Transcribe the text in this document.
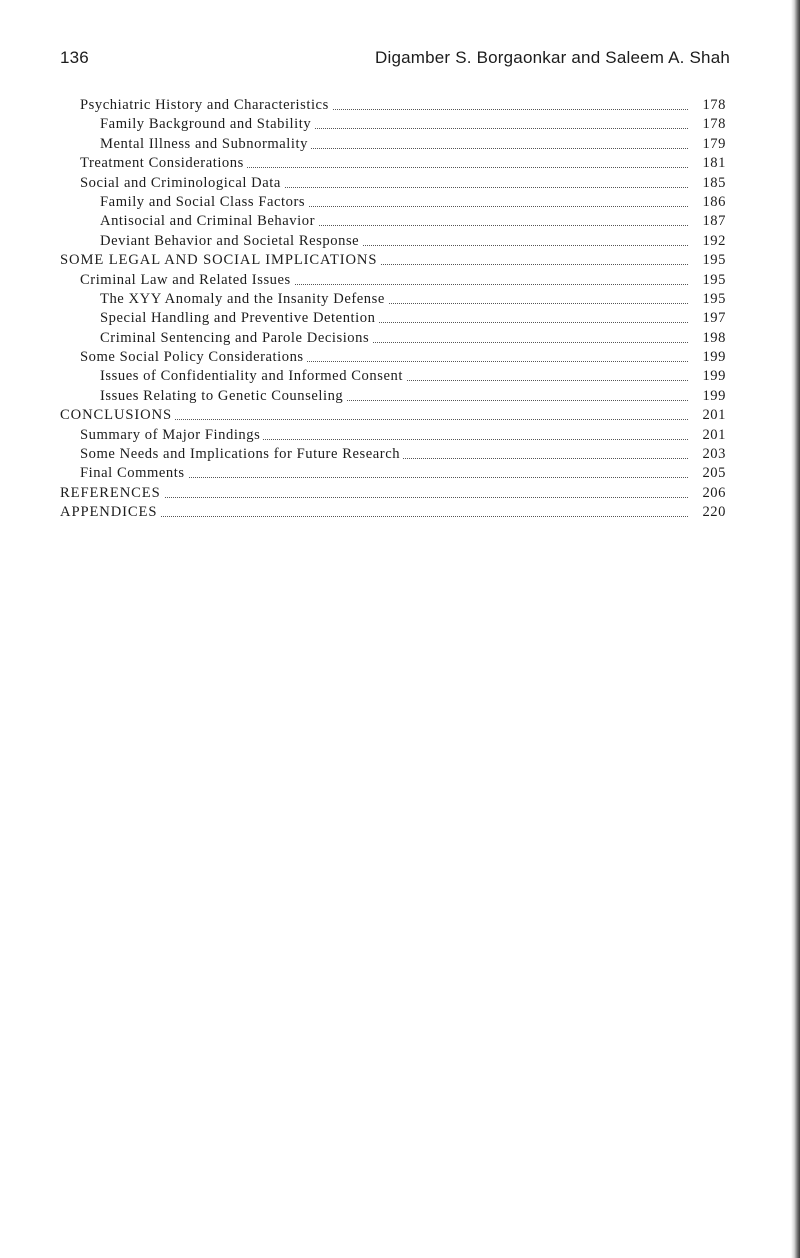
136	Digamber S. Borgaonkar and Saleem A. Shah
Psychiatric History and Characteristics	178
Family Background and Stability	178
Mental Illness and Subnormality	179
Treatment Considerations	181
Social and Criminological Data	185
Family and Social Class Factors	186
Antisocial and Criminal Behavior	187
Deviant Behavior and Societal Response	192
SOME LEGAL AND SOCIAL IMPLICATIONS	195
Criminal Law and Related Issues	195
The XYY Anomaly and the Insanity Defense	195
Special Handling and Preventive Detention	197
Criminal Sentencing and Parole Decisions	198
Some Social Policy Considerations	199
Issues of Confidentiality and Informed Consent	199
Issues Relating to Genetic Counseling	199
CONCLUSIONS	201
Summary of Major Findings	201
Some Needs and Implications for Future Research	203
Final Comments	205
REFERENCES	206
APPENDICES	220
